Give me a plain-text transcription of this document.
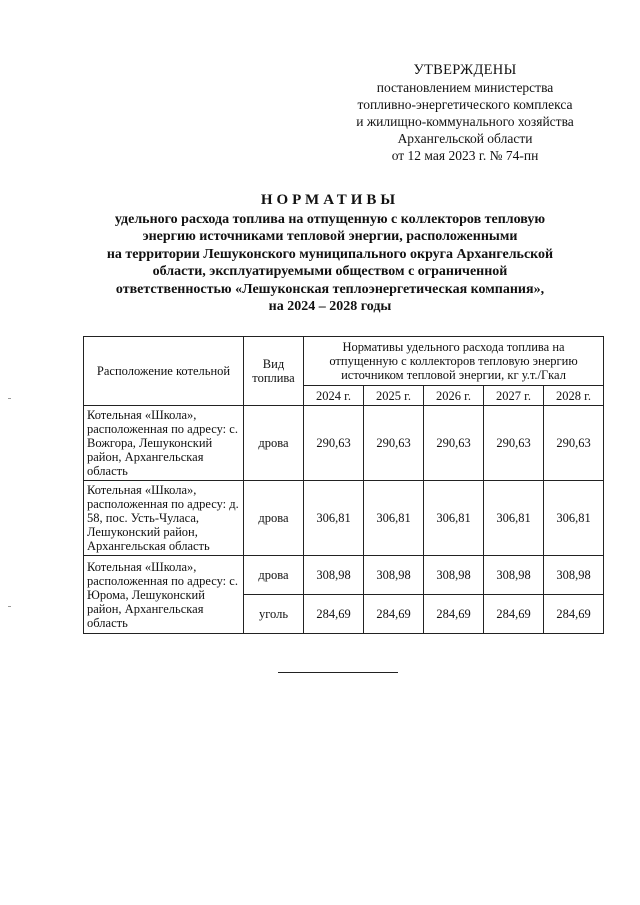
УТВЕРЖДЕНЫ
постановлением министерства
топливно-энергетического комплекса
и жилищно-коммунального хозяйства
Архангельской области
от 12 мая 2023 г. № 74-пн
НОРМАТИВЫ
удельного расхода топлива на отпущенную с коллекторов тепловую
энергию источниками тепловой энергии, расположенными
на территории Лешуконского муниципального округа Архангельской
области, эксплуатируемыми обществом с ограниченной
ответственностью «Лешуконская теплоэнергетическая компания»,
на 2024 – 2028 годы
Расположение котельной	Вид топлива	Нормативы удельного расхода топлива на отпущенную с коллекторов тепловую энергию источником тепловой энергии, кг у.т./Гкал				
		2024 г.	2025 г.	2026 г.	2027 г.	2028 г.
Котельная «Школа», расположенная по адресу: с. Вожгора, Лешуконский район, Архангельская область	дрова	290,63	290,63	290,63	290,63	290,63
Котельная «Школа», расположенная по адресу: д. 58, пос. Усть-Чуласа, Лешуконский район, Архангельская область	дрова	306,81	306,81	306,81	306,81	306,81
Котельная «Школа», расположенная по адресу: с. Юрома, Лешуконский район, Архангельская область	дрова	308,98	308,98	308,98	308,98	308,98
	уголь	284,69	284,69	284,69	284,69	284,69
